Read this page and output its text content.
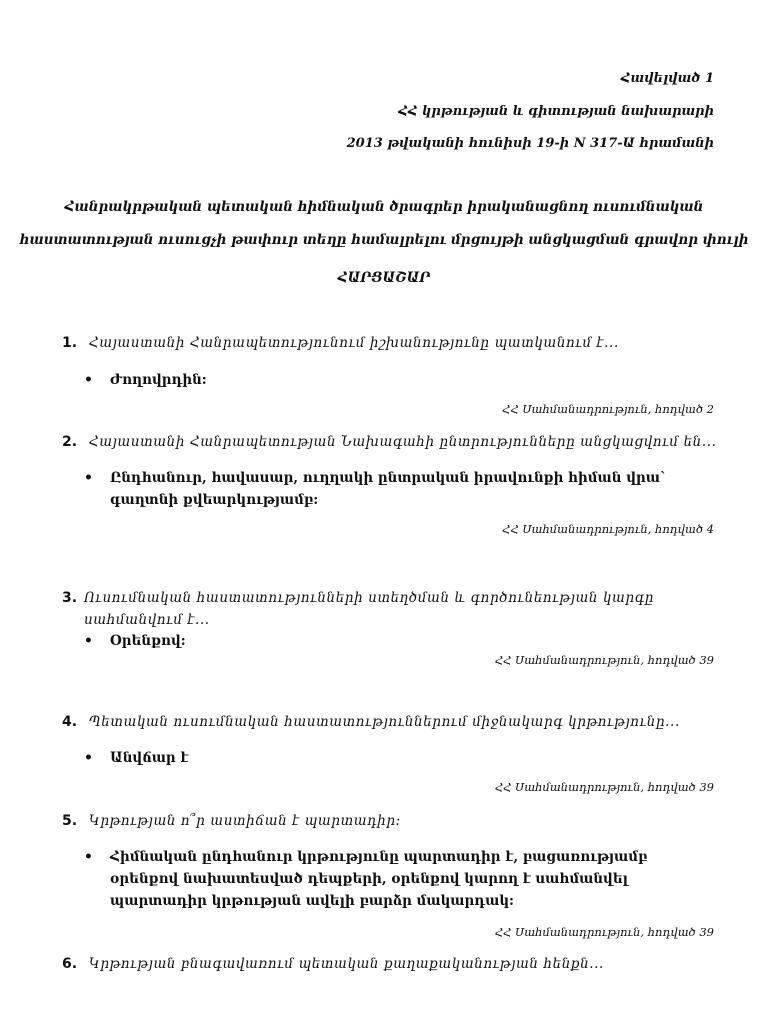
Հավելված 1
ՀՀ կրթության և գիտության նախարարի
2013 թվականի հունիսի 19-ի N 317-Ա հրամանի
Հանրակրթական պետական հիմնական ծրագրեր իրականացնող ուսումնական
հաստատության ուսուցչի թափուր տեղը համալրելու մրցույթի անցկացման գրավոր փուլի
ՀԱՐՑԱՇԱՐ
1. Հայաստանի Հանրապետությունում իշխանությունը պատկանում է...
•	Ժողովրդին:
ՀՀ Սահմանադրություն, հոդված 2
2. Հայաստանի Հանրապետության Նախագահի ընտրությունները անցկացվում են...
•	Ընդհանուր, հավասար, ուղղակի ընտրական իրավունքի հիման վրա` գաղտնի քվեարկությամբ:
ՀՀ Սահմանադրություն, հոդված 4
3. Ուսումնական հաստատությունների ստեղծման և գործունեության կարգը սահմանվում է...
•	Օրենքով:
ՀՀ Սահմանադրություն, հոդված 39
4. Պետական ուսումնական հաստատություններում միջնակարգ կրթությունը...
•	Անվճար է
ՀՀ Սահմանադրություն, հոդված 39
5. Կրթության ո՞ր աստիճան է պարտադիր:
•	Հիմնական ընդհանուր կրթությունը պարտադիր է, բացառությամբ օրենքով նախատեսված դեպքերի, օրենքով կարող է սահմանվել պարտադիր կրթության ավելի բարձր մակարդակ:
ՀՀ Սահմանադրություն, հոդված 39
6. Կրթության բնագավառում պետական քաղաքականության հենքն...
